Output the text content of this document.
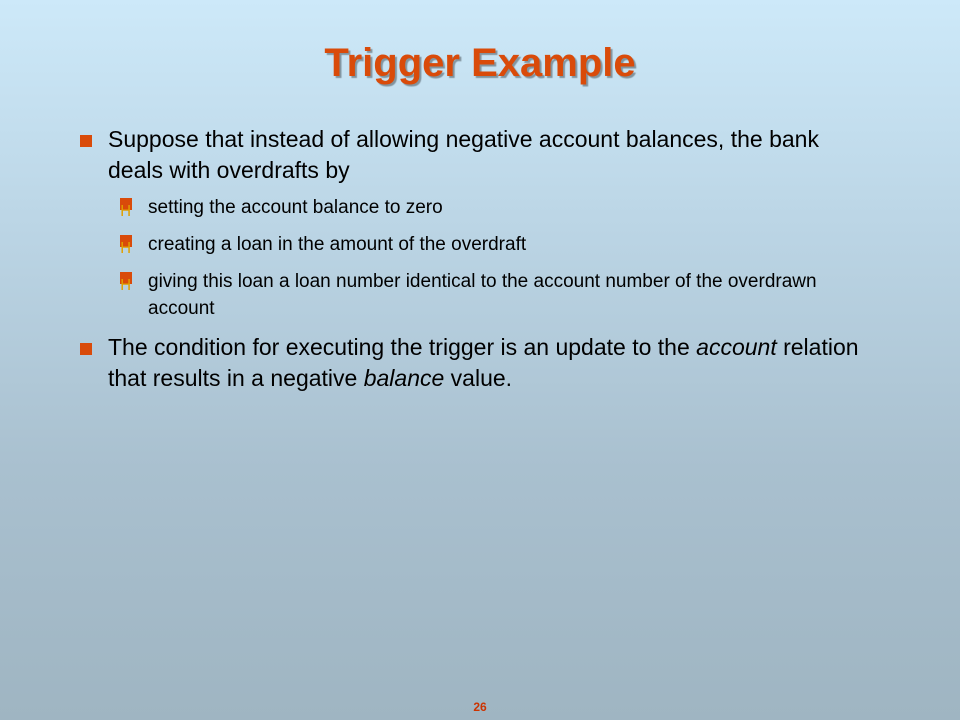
Trigger Example
Suppose that instead of allowing negative account balances, the bank deals with overdrafts by
H setting the account balance to zero
H creating a loan in the amount of the overdraft
H giving this loan a loan number identical to the account number of the overdrawn account
The condition for executing the trigger is an update to the account relation that results in a negative balance value.
26
